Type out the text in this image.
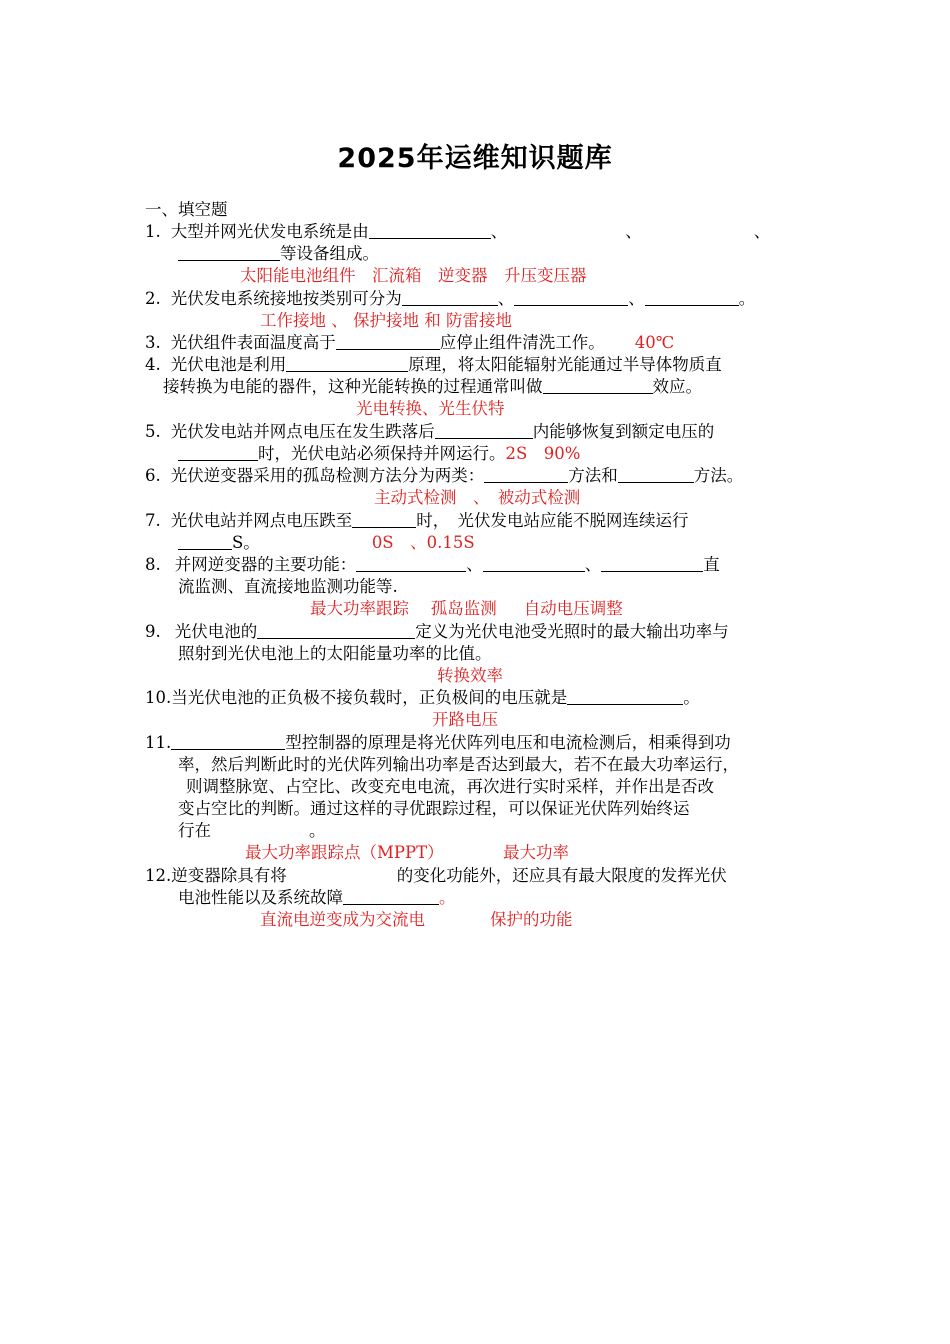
2025年运维知识题库
一、填空题
1. 大型并网光伏发电系统是由	、	、	、
等设备组成。
太阳能电池组件　汇流箱　逆变器　升压变压器
2. 光伏发电系统接地按类别可分为	、	、	。
工作接地 、 保护接地 和 防雷接地
3. 光伏组件表面温度高于	应停止组件清洗工作。 40℃
4. 光伏电池是利用	原理，将太阳能辐射光能通过半导体物质直
接转换为电能的器件，这种光能转换的过程通常叫做	效应。
光电转换、光生伏特
5. 光伏发电站并网点电压在发生跌落后	内能够恢复到额定电压的
时，光伏电站必须保持并网运行。2S　90%
6. 光伏逆变器采用的孤岛检测方法分为两类：	方法和	方法。
主动式检测　、　被动式检测
7. 光伏电站并网点电压跌至	时，　光伏发电站应能不脱网连续运行
S。	0S　、0.15S
8. 并网逆变器的主要功能：	、	、	直
流监测、直流接地监测功能等.
最大功率跟踪　 孤岛监测 　 自动电压调整
9. 光伏电池的	定义为光伏电池受光照时的最大输出功率与
照射到光伏电池上的太阳能量功率的比值。
转换效率
10.当光伏电池的正负极不接负载时，正负极间的电压就是	。
开路电压
11.	型控制器的原理是将光伏阵列电压和电流检测后，相乘得到功
率，然后判断此时的光伏阵列输出功率是否达到最大，若不在最大功率运行，
则调整脉宽、占空比、改变充电电流，再次进行实时采样，并作出是否改
变占空比的判断。通过这样的寻优跟踪过程，可以保证光伏阵列始终运
行在	。
最大功率跟踪点（MPPT）	最大功率
12.逆变器除具有将	的变化功能外，还应具有最大限度的发挥光伏
电池性能以及系统故障	。
直流电逆变成为交流电	保护的功能
